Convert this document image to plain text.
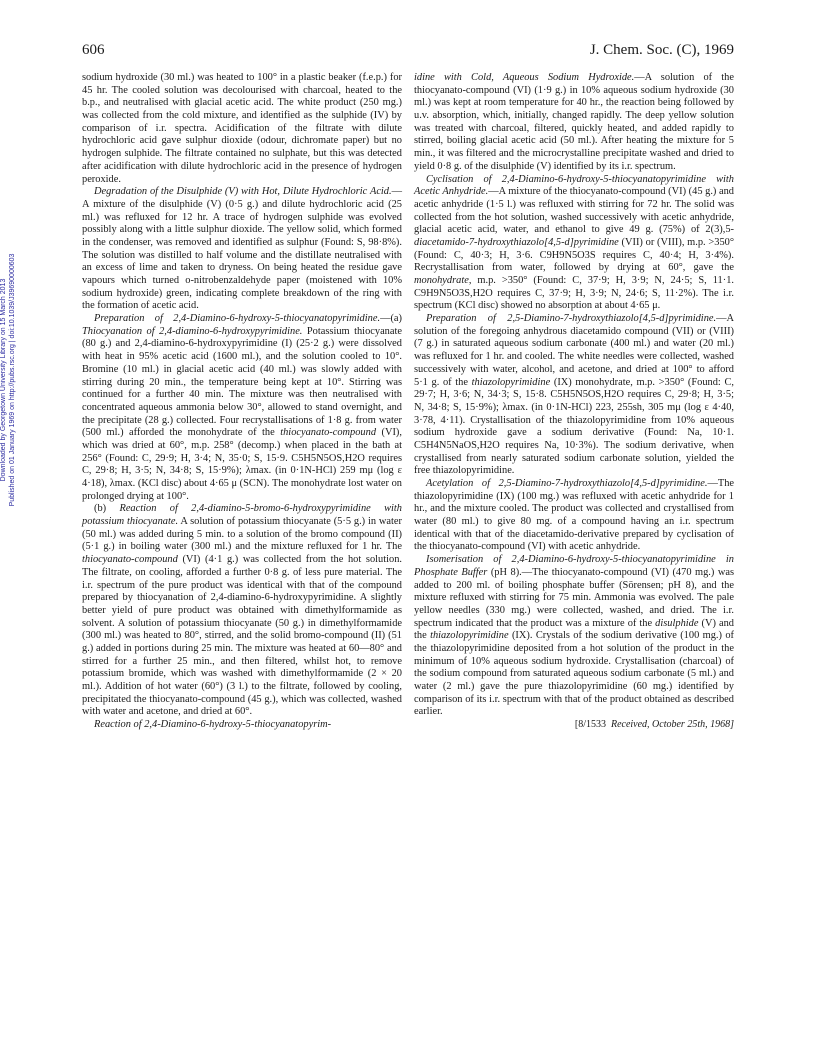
606	J. Chem. Soc. (C), 1969
Downloaded by Georgetown University Library on 15 March 2013 Published on 01 January 1969 on http://pubs.rsc.org | doi:10.1039/J39690000603

sodium hydroxide (30 ml.) was heated to 100° in a plastic beaker (f.e.p.) for 45 hr. The cooled solution was decolourised with charcoal, heated to the b.p., and neutralised with glacial acetic acid. The white product (250 mg.) was collected from the cold mixture, and identified as the sulphide (IV) by comparison of i.r. spectra. Acidification of the filtrate with dilute hydrochloric acid gave sulphur dioxide (odour, dichromate paper) but no hydrogen sulphide. The filtrate contained no sulphate, but this was detected after acidification with dilute hydrochloric acid in the presence of hydrogen peroxide.

Degradation of the Disulphide (V) with Hot, Dilute Hydrochloric Acid.—A mixture of the disulphide (V) (0·5 g.) and dilute hydrochloric acid (25 ml.) was refluxed for 12 hr. A trace of hydrogen sulphide was evolved possibly along with a little sulphur dioxide. The yellow solid, which formed in the condenser, was removed and identified as sulphur (Found: S, 98·8%). The solution was distilled to half volume and the distillate neutralised with an excess of lime and taken to dryness. On being heated the residue gave vapours which turned o-nitrobenzaldehyde paper (moistened with 10% sodium hydroxide) green, indicating complete breakdown of the ring with the formation of acetic acid.

Preparation of 2,4-Diamino-6-hydroxy-5-thiocyanatopyrimidine.—(a) Thiocyanation of 2,4-diamino-6-hydroxypyrimidine. Potassium thiocyanate (80 g.) and 2,4-diamino-6-hydroxypyrimidine (I) (25·2 g.) were dissolved with heat in 95% acetic acid (1600 ml.), and the solution cooled to 10°. Bromine (10 ml.) in glacial acetic acid (40 ml.) was slowly added with stirring during 20 min., the temperature being kept at 10°. Stirring was continued for a further 40 min. The mixture was then neutralised with concentrated aqueous ammonia below 30°, allowed to stand overnight, and the precipitate (28 g.) collected. Four recrystallisations of 1·8 g. from water (500 ml.) afforded the monohydrate of the thiocyanato-compound (VI), which was dried at 60°, m.p. 258° (decomp.) when placed in the bath at 256° (Found: C, 29·9; H, 3·4; N, 35·0; S, 15·9. C5H5N5OS,H2O requires C, 29·8; H, 3·5; N, 34·8; S, 15·9%); λmax. (in 0·1N-HCl) 259 mμ (log ε 4·18), λmax. (KCl disc) about 4·65 μ (SCN). The monohydrate lost water on prolonged drying at 100°.

(b) Reaction of 2,4-diamino-5-bromo-6-hydroxypyrimidine with potassium thiocyanate. A solution of potassium thiocyanate (5·5 g.) in water (50 ml.) was added during 5 min. to a solution of the bromo compound (II) (5·1 g.) in boiling water (300 ml.) and the mixture refluxed for 1 hr. The thiocyanato-compound (VI) (4·1 g.) was collected from the hot solution. The filtrate, on cooling, afforded a further 0·8 g. of less pure material. The i.r. spectrum of the pure product was identical with that of the compound prepared by thiocyanation of 2,4-diamino-6-hydroxypyrimidine. A slightly better yield of pure product was obtained with dimethylformamide as solvent. A solution of potassium thiocyanate (50 g.) in dimethylformamide (300 ml.) was heated to 80°, stirred, and the solid bromo-compound (II) (51 g.) added in portions during 25 min. The mixture was heated at 60—80° and stirred for a further 25 min., and then filtered, whilst hot, to remove potassium bromide, which was washed with dimethylformamide (2 × 20 ml.). Addition of hot water (60°) (3 l.) to the filtrate, followed by cooling, precipitated the thiocyanato-compound (45 g.), which was collected, washed with water and acetone, and dried at 60°.

Reaction of 2,4-Diamino-6-hydroxy-5-thiocyanatopyrim-

idine with Cold, Aqueous Sodium Hydroxide.—A solution of the thiocyanato-compound (VI) (1·9 g.) in 10% aqueous sodium hydroxide (30 ml.) was kept at room temperature for 40 hr., the reaction being followed by u.v. absorption, which, initially, changed rapidly. The deep yellow solution was treated with charcoal, filtered, quickly heated, and added rapidly to stirred, boiling glacial acetic acid (50 ml.). After heating the mixture for 5 min., it was filtered and the microcrystalline precipitate washed and dried to yield 0·8 g. of the disulphide (V) identified by its i.r. spectrum.

Cyclisation of 2,4-Diamino-6-hydroxy-5-thiocyanatopyrimidine with Acetic Anhydride.—A mixture of the thiocyanato-compound (VI) (45 g.) and acetic anhydride (1·5 l.) was refluxed with stirring for 72 hr. The solid was collected from the hot solution, washed successively with acetic anhydride, glacial acetic acid, water, and ethanol to give 49 g. (75%) of 2(3),5-diacetamido-7-hydroxythiazolo[4,5-d]pyrimidine (VII) or (VIII), m.p. >350° (Found: C, 40·3; H, 3·6. C9H9N5O3S requires C, 40·4; H, 3·4%). Recrystallisation from water, followed by drying at 60°, gave the monohydrate, m.p. >350° (Found: C, 37·9; H, 3·9; N, 24·5; S, 11·1. C9H9N5O3S,H2O requires C, 37·9; H, 3·9; N, 24·6; S, 11·2%). The i.r. spectrum (KCl disc) showed no absorption at about 4·65 μ.

Preparation of 2,5-Diamino-7-hydroxythiazolo[4,5-d]pyrimidine.—A solution of the foregoing anhydrous diacetamido compound (VII) or (VIII) (7 g.) in saturated aqueous sodium carbonate (400 ml.) and water (20 ml.) was refluxed for 1 hr. and cooled. The white needles were collected, washed successively with water, alcohol, and acetone, and dried at 100° to afford 5·1 g. of the thiazolopyrimidine (IX) monohydrate, m.p. >350° (Found: C, 29·7; H, 3·6; N, 34·3; S, 15·8. C5H5N5OS,H2O requires C, 29·8; H, 3·5; N, 34·8; S, 15·9%); λmax. (in 0·1N-HCl) 223, 255sh, 305 mμ (log ε 4·40, 3·78, 4·11). Crystallisation of the thiazolopyrimidine from 10% aqueous sodium hydroxide gave a sodium derivative (Found: Na, 10·1. C5H4N5NaOS,H2O requires Na, 10·3%). The sodium derivative, when crystallised from nearly saturated sodium carbonate solution, yielded the free thiazolopyrimidine.

Acetylation of 2,5-Diamino-7-hydroxythiazolo[4,5-d]pyrimidine.—The thiazolopyrimidine (IX) (100 mg.) was refluxed with acetic anhydride for 1 hr., and the mixture cooled. The product was collected and crystallised from water (80 ml.) to give 80 mg. of a compound having an i.r. spectrum identical with that of the diacetamido-derivative prepared by cyclisation of the thiocyanato-compound (VI) with acetic anhydride.

Isomerisation of 2,4-Diamino-6-hydroxy-5-thiocyanatopyrimidine in Phosphate Buffer (pH 8).—The thiocyanato-compound (VI) (470 mg.) was added to 200 ml. of boiling phosphate buffer (Sörensen; pH 8), and the mixture refluxed with stirring for 75 min. Ammonia was evolved. The pale yellow needles (330 mg.) were collected, washed, and dried. The i.r. spectrum indicated that the product was a mixture of the disulphide (V) and the thiazolopyrimidine (IX). Crystals of the sodium derivative (100 mg.) of the thiazolopyrimidine deposited from a hot solution of the product in the minimum of 10% aqueous sodium hydroxide. Crystallisation (charcoal) of the sodium compound from saturated aqueous sodium carbonate (5 ml.) and water (2 ml.) gave the pure thiazolopyrimidine (60 mg.) identified by comparison of its i.r. spectrum with that of the product obtained as described earlier.

[8/1533 Received, October 25th, 1968]
